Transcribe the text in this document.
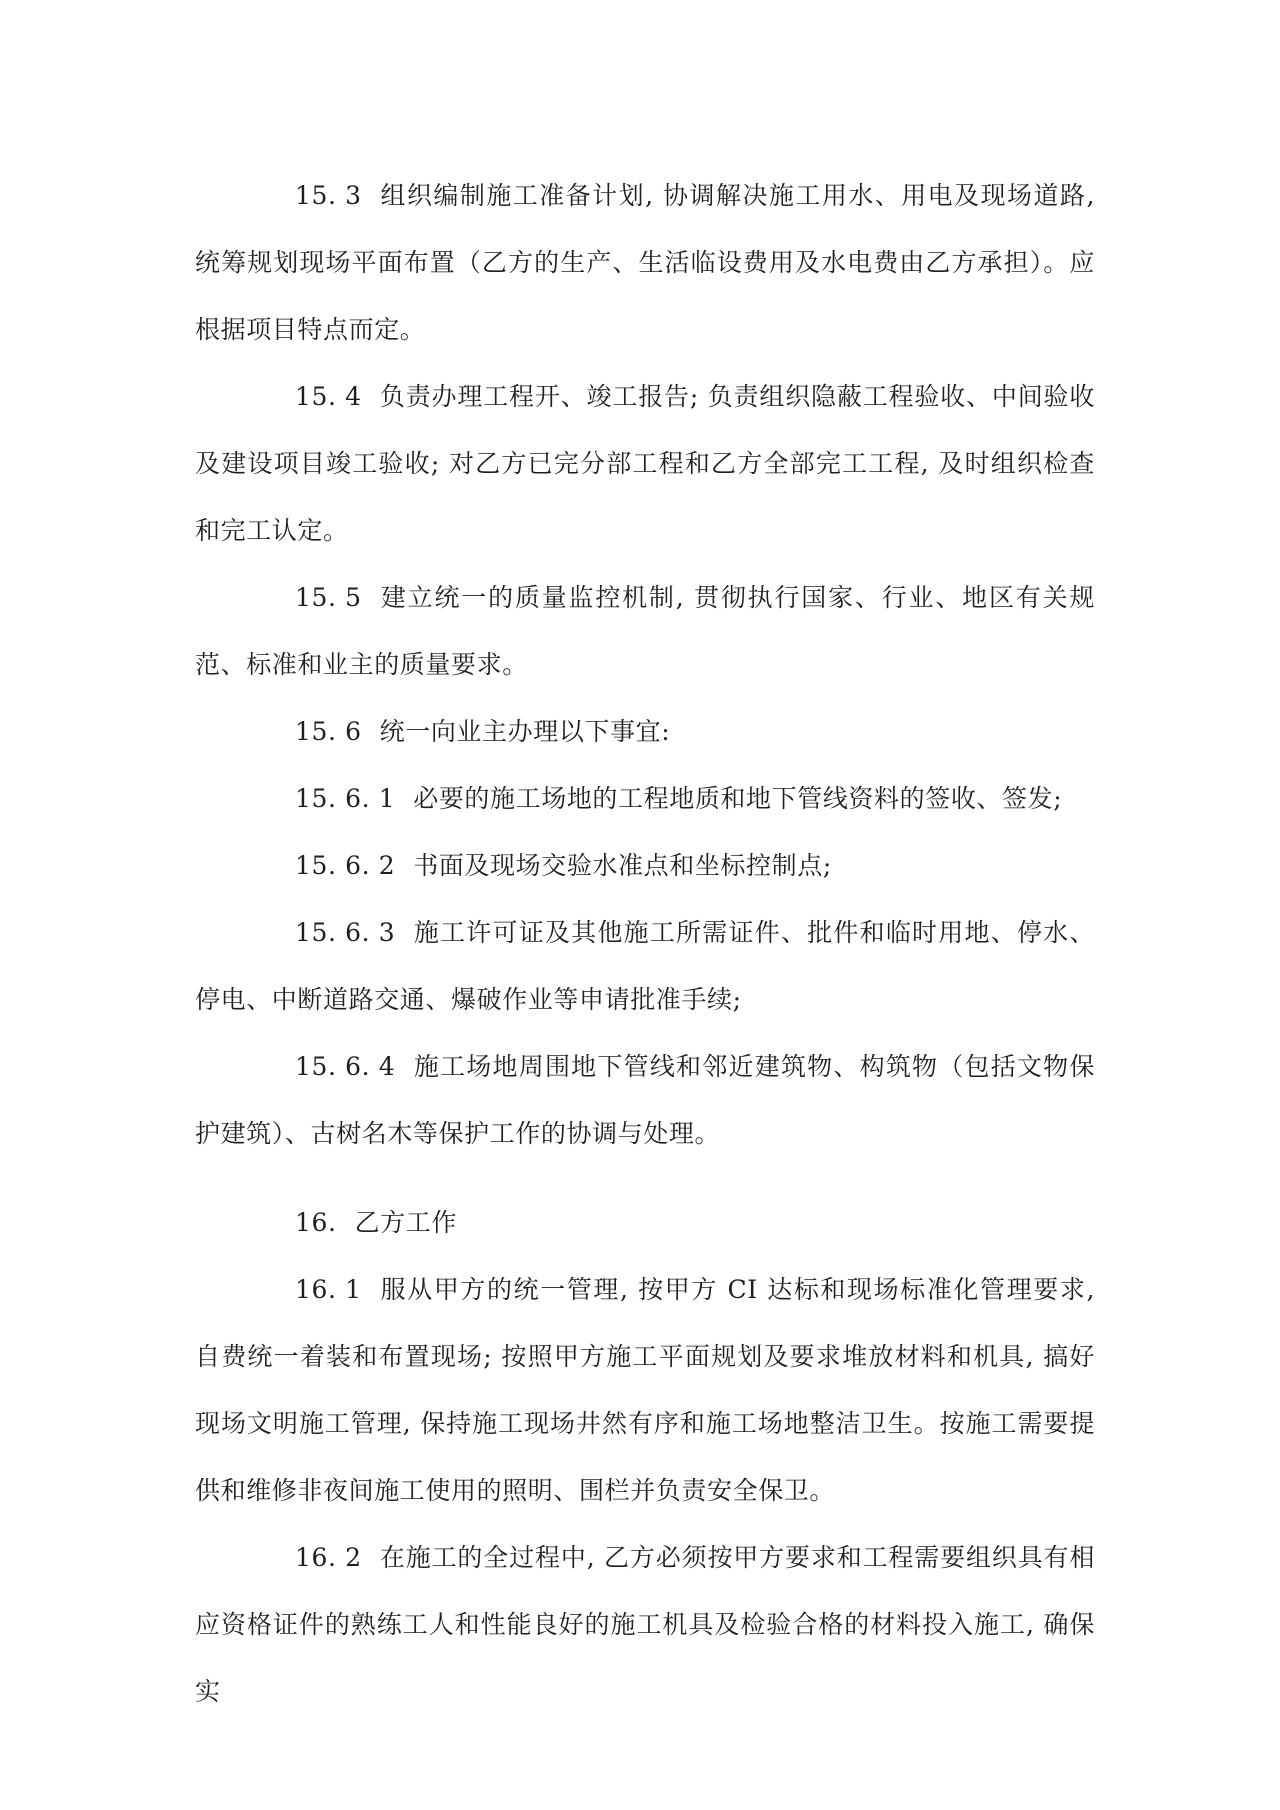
15. 3 组织编制施工准备计划, 协调解决施工用水、用电及现场道路, 统筹规划现场平面布置（乙方的生产、生活临设费用及水电费由乙方承担）。应根据项目特点而定。

15. 4 负责办理工程开、竣工报告; 负责组织隐蔽工程验收、中间验收及建设项目竣工验收; 对乙方已完分部工程和乙方全部完工工程, 及时组织检查和完工认定。

15. 5 建立统一的质量监控机制, 贯彻执行国家、行业、地区有关规范、标准和业主的质量要求。

15. 6 统一向业主办理以下事宜:

15. 6. 1 必要的施工场地的工程地质和地下管线资料的签收、签发;

15. 6. 2 书面及现场交验水准点和坐标控制点;

15. 6. 3 施工许可证及其他施工所需证件、批件和临时用地、停水、停电、中断道路交通、爆破作业等申请批准手续;

15. 6. 4 施工场地周围地下管线和邻近建筑物、构筑物（包括文物保护建筑）、古树名木等保护工作的协调与处理。

16. 乙方工作

16. 1 服从甲方的统一管理, 按甲方 CI 达标和现场标准化管理要求, 自费统一着装和布置现场; 按照甲方施工平面规划及要求堆放材料和机具, 搞好现场文明施工管理, 保持施工现场井然有序和施工场地整洁卫生。按施工需要提供和维修非夜间施工使用的照明、围栏并负责安全保卫。

16. 2 在施工的全过程中, 乙方必须按甲方要求和工程需要组织具有相应资格证件的熟练工人和性能良好的施工机具及检验合格的材料投入施工, 确保实
